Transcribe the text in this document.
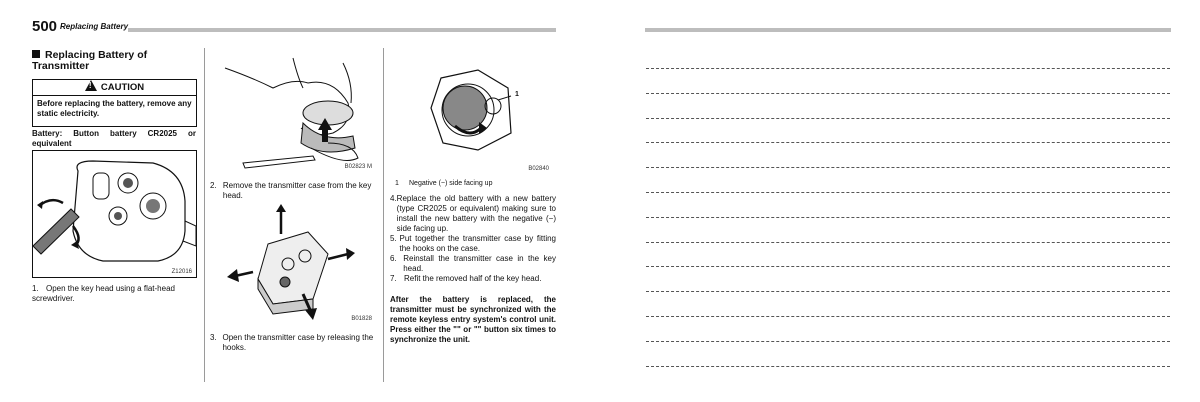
500 Replacing Battery
Replacing Battery of Transmitter
!CAUTION
Before replacing the battery, remove any static electricity.
Battery: Button battery CR2025 or equivalent
Z12016
1. Open the key head using a flat-head screwdriver.
B02823 M
2. Remove the transmitter case from the key head.
B01828
3. Open the transmitter case by releasing the hooks.
1
B02840
1 Negative (−) side facing up
4. Replace the old battery with a new battery (type CR2025 or equivalent) making sure to install the new battery with the negative (−) side facing up.
5. Put together the transmitter case by fitting the hooks on the case.
6. Reinstall the transmitter case in the key head.
7. Refit the removed half of the key head.
After the battery is replaced, the transmitter must be synchronized with the remote keyless entry system's control unit. Press either the "" or "" button six times to synchronize the unit.
